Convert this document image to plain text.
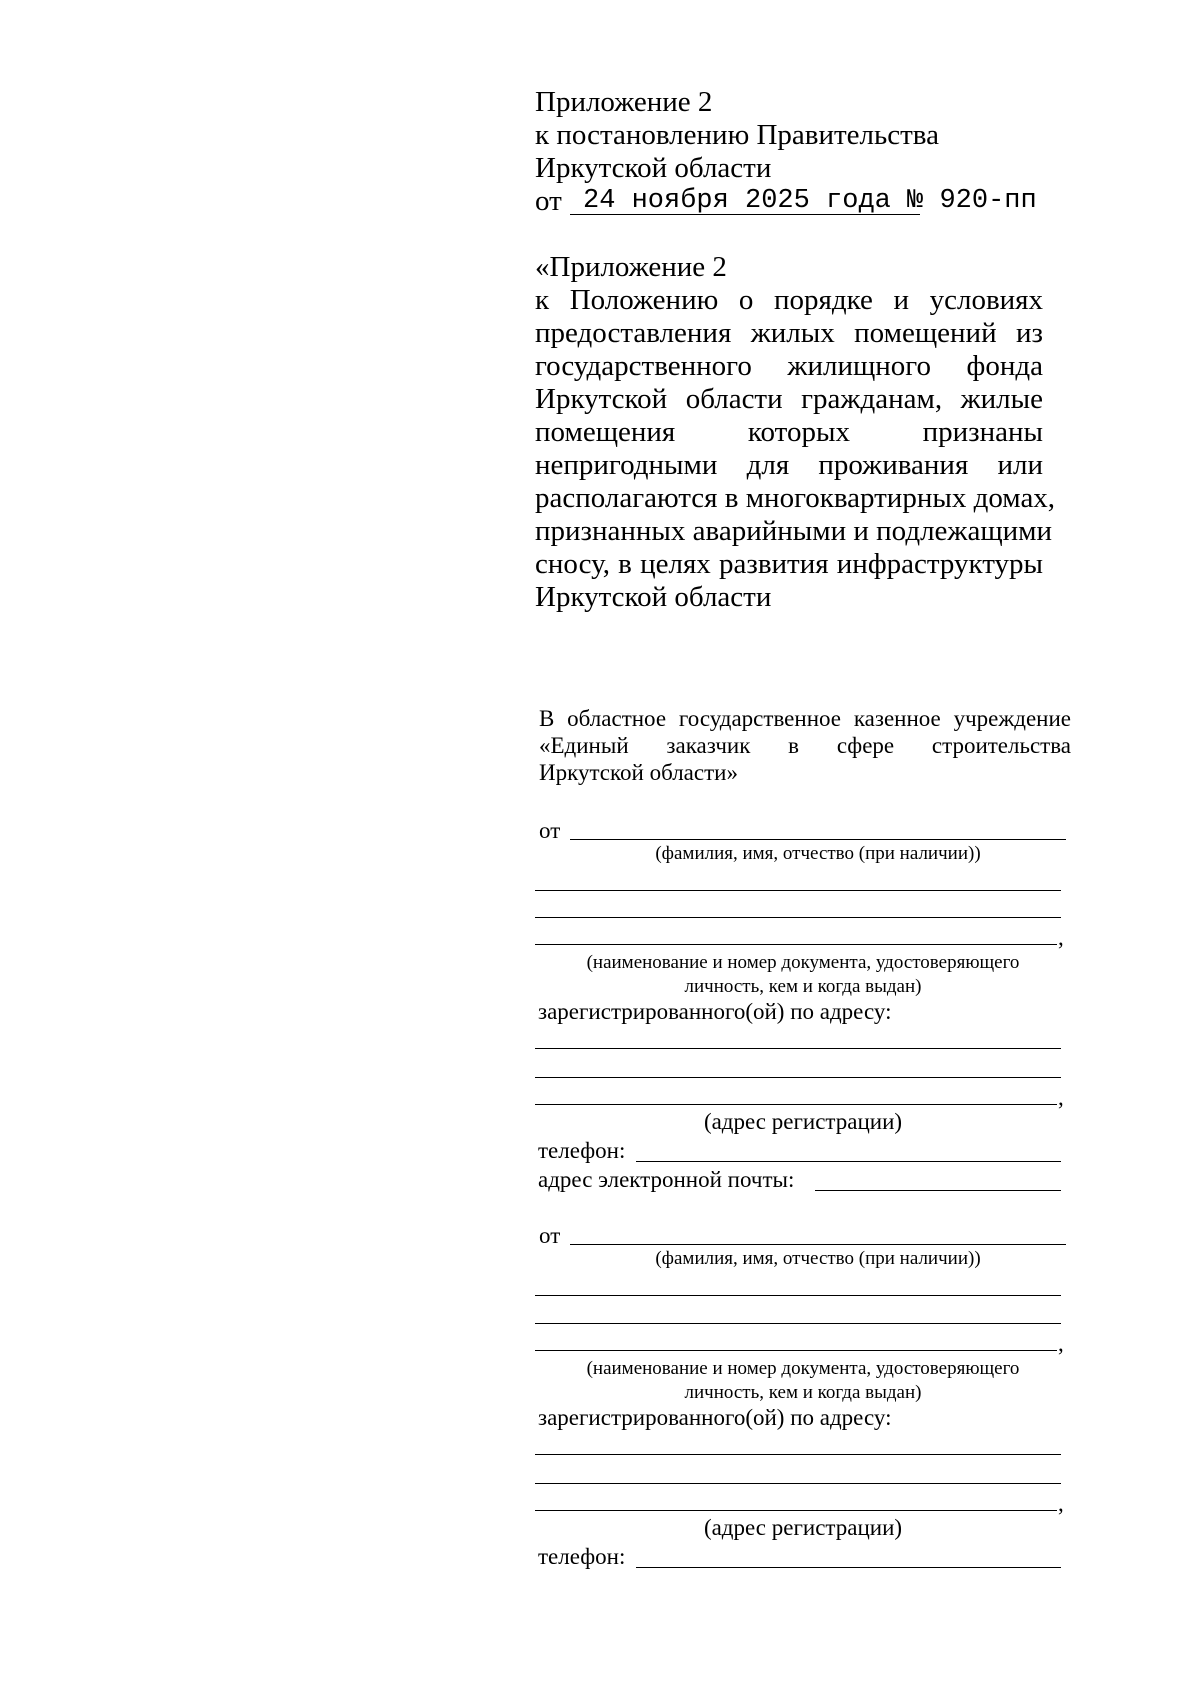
Приложение 2
к постановлению Правительства
Иркутской области
от 24 ноября 2025 года № 920-пп
«Приложение 2
к Положению о порядке и условиях
предоставления жилых помещений из
государственного жилищного фонда
Иркутской области гражданам, жилые
помещения которых признаны
непригодными для проживания или
располагаются в многоквартирных домах,
признанных аварийными и подлежащими
сносу, в целях развития инфраструктуры
Иркутской области
В областное государственное казенное учреждение
«Единый заказчик в сфере строительства
Иркутской области»
от
(фамилия, имя, отчество (при наличии))
,
(наименование и номер документа, удостоверяющего
личность, кем и когда выдан)
зарегистрированного(ой) по адресу:
,
(адрес регистрации)
телефон:
адрес электронной почты:
от
(фамилия, имя, отчество (при наличии))
,
(наименование и номер документа, удостоверяющего
личность, кем и когда выдан)
зарегистрированного(ой) по адресу:
,
(адрес регистрации)
телефон:
